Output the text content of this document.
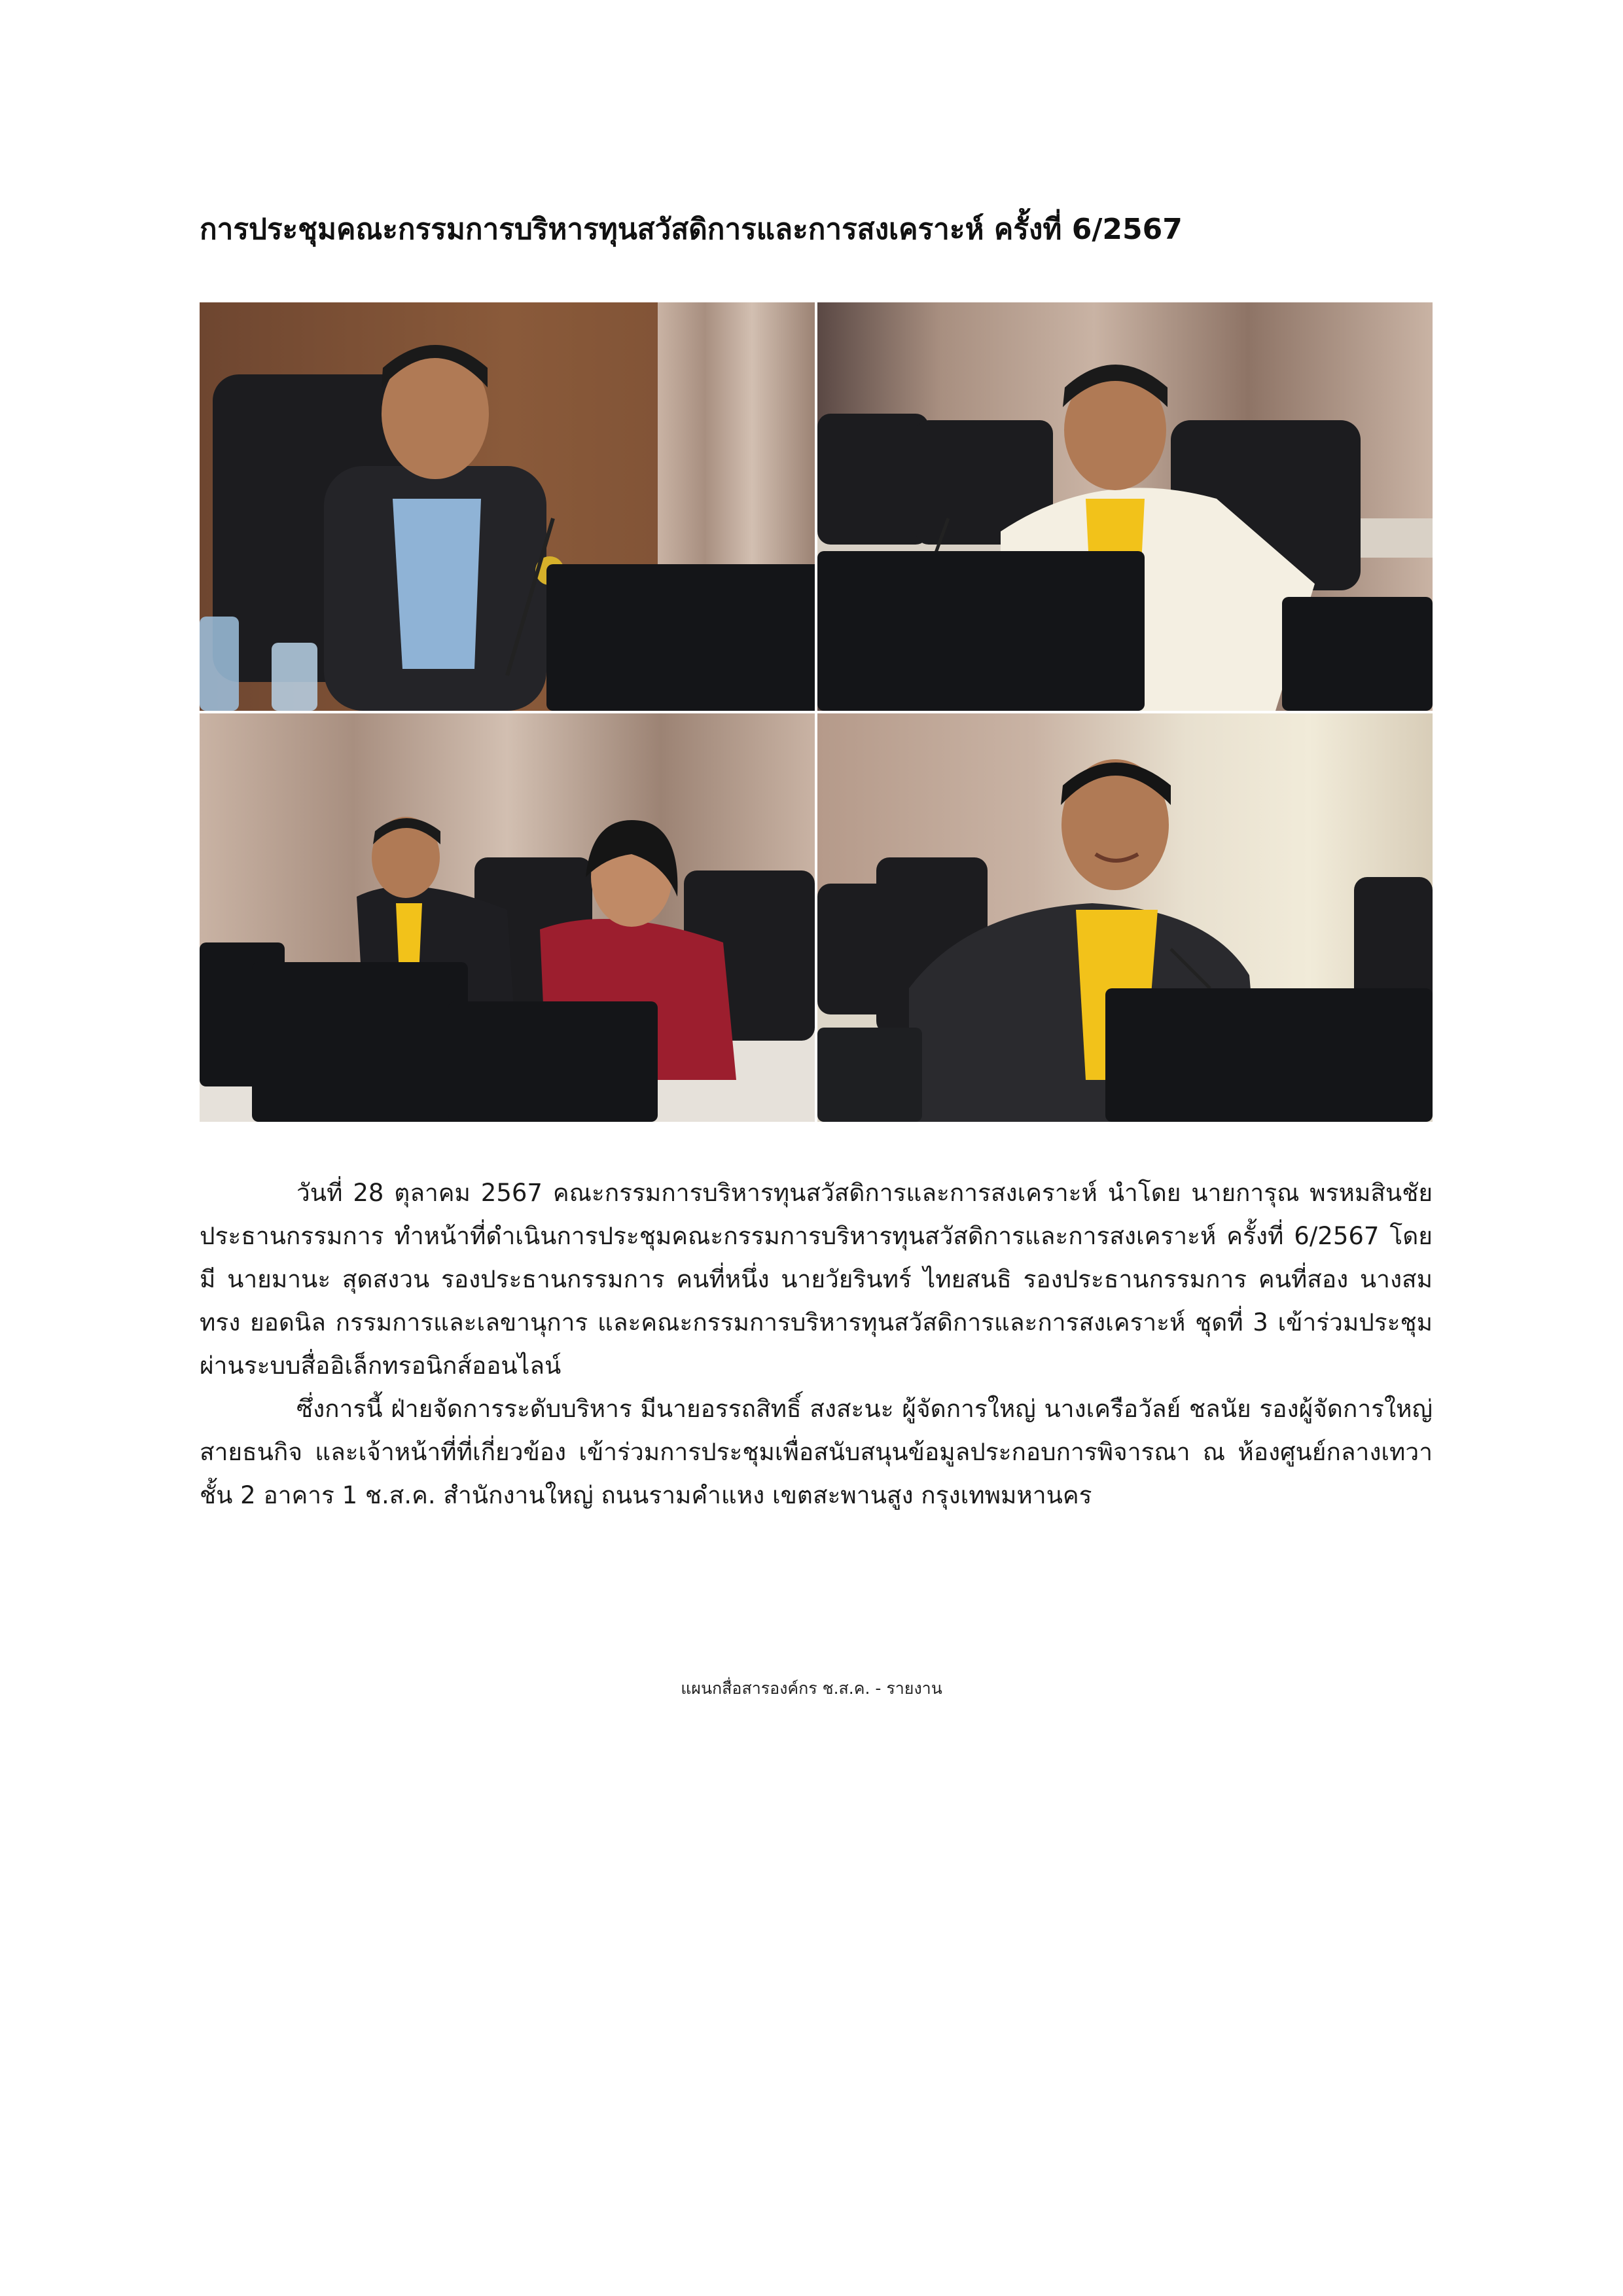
การประชุมคณะกรรมการบริหารทุนสวัสดิการและการสงเคราะห์ ครั้งที่ 6/2567

วันที่ 28 ตุลาคม 2567 คณะกรรมการบริหารทุนสวัสดิการและการสงเคราะห์ นำโดย นายการุณ พรหมสินชัย ประธานกรรมการ ทำหน้าที่ดำเนินการประชุมคณะกรรมการบริหารทุนสวัสดิการและการสงเคราะห์ ครั้งที่ 6/2567 โดยมี นายมานะ สุดสงวน รองประธานกรรมการ คนที่หนึ่ง นายวัยรินทร์ ไทยสนธิ รองประธานกรรมการ คนที่สอง นางสมทรง ยอดนิล กรรมการและเลขานุการ และคณะกรรมการบริหารทุนสวัสดิการและการสงเคราะห์ ชุดที่ 3 เข้าร่วมประชุมผ่านระบบสื่ออิเล็กทรอนิกส์ออนไลน์

ซึ่งการนี้ ฝ่ายจัดการระดับบริหาร มีนายอรรถสิทธิ์ สงสะนะ ผู้จัดการใหญ่ นางเครือวัลย์ ชลนัย รองผู้จัดการใหญ่สายธนกิจ และเจ้าหน้าที่ที่เกี่ยวข้อง เข้าร่วมการประชุมเพื่อสนับสนุนข้อมูลประกอบการพิจารณา ณ ห้องศูนย์กลางเทวา ชั้น 2 อาคาร 1 ช.ส.ค. สำนักงานใหญ่ ถนนรามคำแหง เขตสะพานสูง กรุงเทพมหานคร

แผนกสื่อสารองค์กร ช.ส.ค. - รายงาน
